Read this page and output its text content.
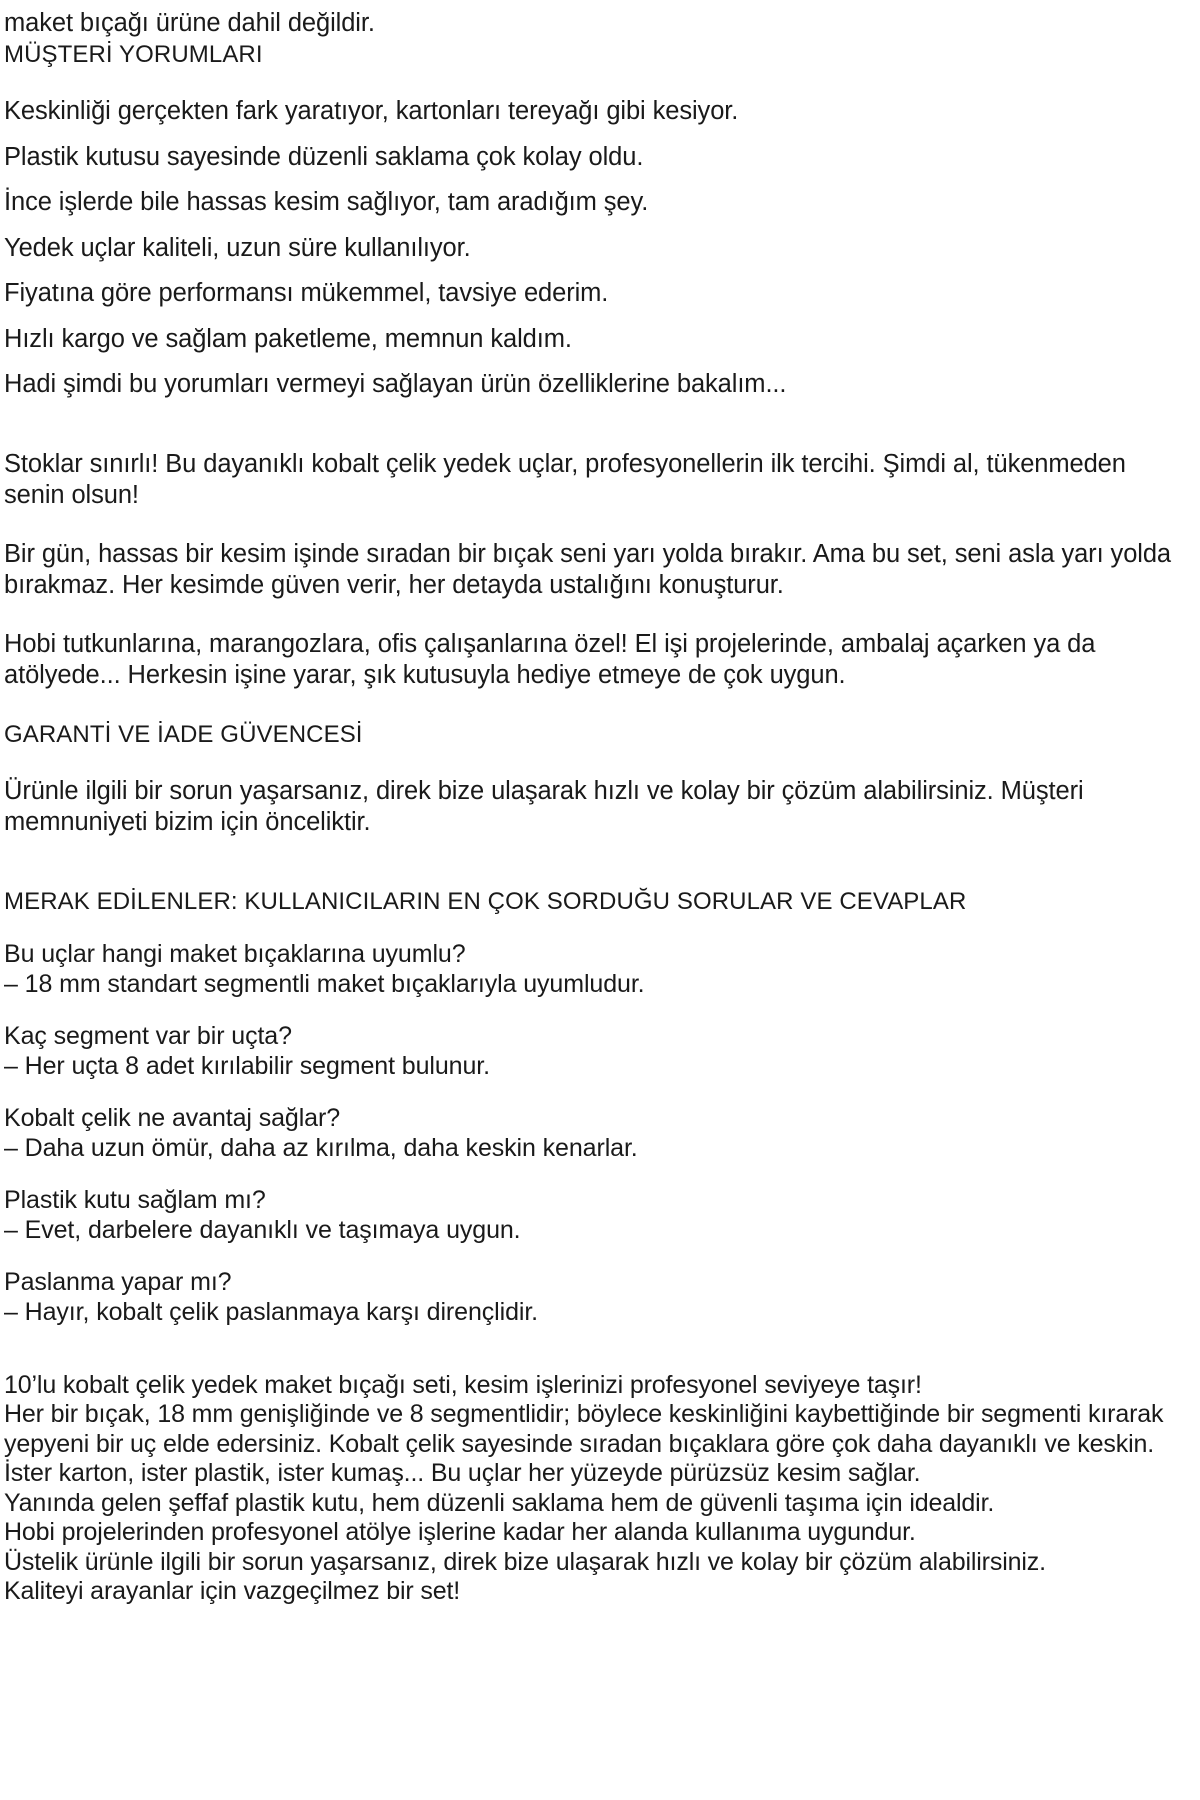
maket bıçağı ürüne dahil değildir.
MÜŞTERİ YORUMLARI
Keskinliği gerçekten fark yaratıyor, kartonları tereyağı gibi kesiyor.
Plastik kutusu sayesinde düzenli saklama çok kolay oldu.
İnce işlerde bile hassas kesim sağlıyor, tam aradığım şey.
Yedek uçlar kaliteli, uzun süre kullanılıyor.
Fiyatına göre performansı mükemmel, tavsiye ederim.
Hızlı kargo ve sağlam paketleme, memnun kaldım.
Hadi şimdi bu yorumları vermeyi sağlayan ürün özelliklerine bakalım...

Stoklar sınırlı! Bu dayanıklı kobalt çelik yedek uçlar, profesyonellerin ilk tercihi. Şimdi al, tükenmeden senin olsun!

Bir gün, hassas bir kesim işinde sıradan bir bıçak seni yarı yolda bırakır. Ama bu set, seni asla yarı yolda bırakmaz. Her kesimde güven verir, her detayda ustalığını konuşturur.

Hobi tutkunlarına, marangozlara, ofis çalışanlarına özel! El işi projelerinde, ambalaj açarken ya da atölyede... Herkesin işine yarar, şık kutusuyla hediye etmeye de çok uygun.

GARANTİ VE İADE GÜVENCESİ

Ürünle ilgili bir sorun yaşarsanız, direk bize ulaşarak hızlı ve kolay bir çözüm alabilirsiniz. Müşteri memnuniyeti bizim için önceliktir.

MERAK EDİLENLER: KULLANICILARIN EN ÇOK SORDUĞU SORULAR VE CEVAPLAR
Bu uçlar hangi maket bıçaklarına uyumlu?
– 18 mm standart segmentli maket bıçaklarıyla uyumludur.
Kaç segment var bir uçta?
– Her uçta 8 adet kırılabilir segment bulunur.
Kobalt çelik ne avantaj sağlar?
– Daha uzun ömür, daha az kırılma, daha keskin kenarlar.
Plastik kutu sağlam mı?
– Evet, darbelere dayanıklı ve taşımaya uygun.
Paslanma yapar mı?
– Hayır, kobalt çelik paslanmaya karşı dirençlidir.

10’lu kobalt çelik yedek maket bıçağı seti, kesim işlerinizi profesyonel seviyeye taşır!

Her bir bıçak, 18 mm genişliğinde ve 8 segmentlidir; böylece keskinliğini kaybettiğinde bir segmenti kırarak yepyeni bir uç elde edersiniz. Kobalt çelik sayesinde sıradan bıçaklara göre çok daha dayanıklı ve keskin.

İster karton, ister plastik, ister kumaş... Bu uçlar her yüzeyde pürüzsüz kesim sağlar.

Yanında gelen şeffaf plastik kutu, hem düzenli saklama hem de güvenli taşıma için idealdir.

Hobi projelerinden profesyonel atölye işlerine kadar her alanda kullanıma uygundur.

Üstelik ürünle ilgili bir sorun yaşarsanız, direk bize ulaşarak hızlı ve kolay bir çözüm alabilirsiniz.

Kaliteyi arayanlar için vazgeçilmez bir set!
